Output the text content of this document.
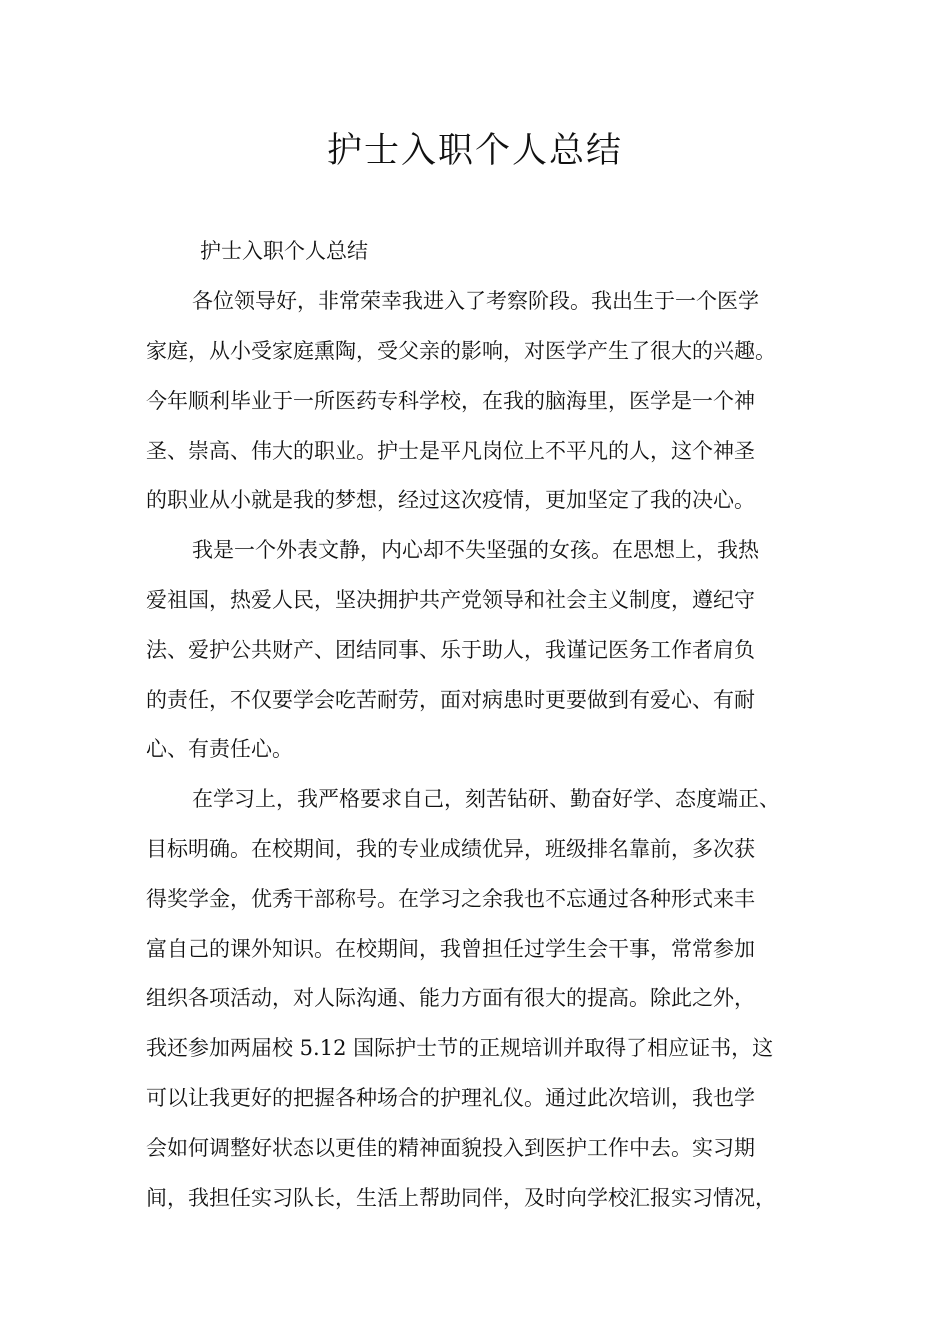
护士入职个人总结
护士入职个人总结
各位领导好，非常荣幸我进入了考察阶段。我出生于一个医学
家庭，从小受家庭熏陶，受父亲的影响，对医学产生了很大的兴趣。
今年顺利毕业于一所医药专科学校，在我的脑海里，医学是一个神
圣、崇高、伟大的职业。护士是平凡岗位上不平凡的人，这个神圣
的职业从小就是我的梦想，经过这次疫情，更加坚定了我的决心。
我是一个外表文静，内心却不失坚强的女孩。在思想上，我热
爱祖国，热爱人民，坚决拥护共产党领导和社会主义制度，遵纪守
法、爱护公共财产、团结同事、乐于助人，我谨记医务工作者肩负
的责任，不仅要学会吃苦耐劳，面对病患时更要做到有爱心、有耐
心、有责任心。
在学习上，我严格要求自己，刻苦钻研、勤奋好学、态度端正、
目标明确。在校期间，我的专业成绩优异，班级排名靠前，多次获
得奖学金，优秀干部称号。在学习之余我也不忘通过各种形式来丰
富自己的课外知识。在校期间，我曾担任过学生会干事，常常参加
组织各项活动，对人际沟通、能力方面有很大的提高。除此之外，
我还参加两届校 5.12 国际护士节的正规培训并取得了相应证书，这
可以让我更好的把握各种场合的护理礼仪。通过此次培训，我也学
会如何调整好状态以更佳的精神面貌投入到医护工作中去。实习期
间，我担任实习队长，生活上帮助同伴，及时向学校汇报实习情况，
